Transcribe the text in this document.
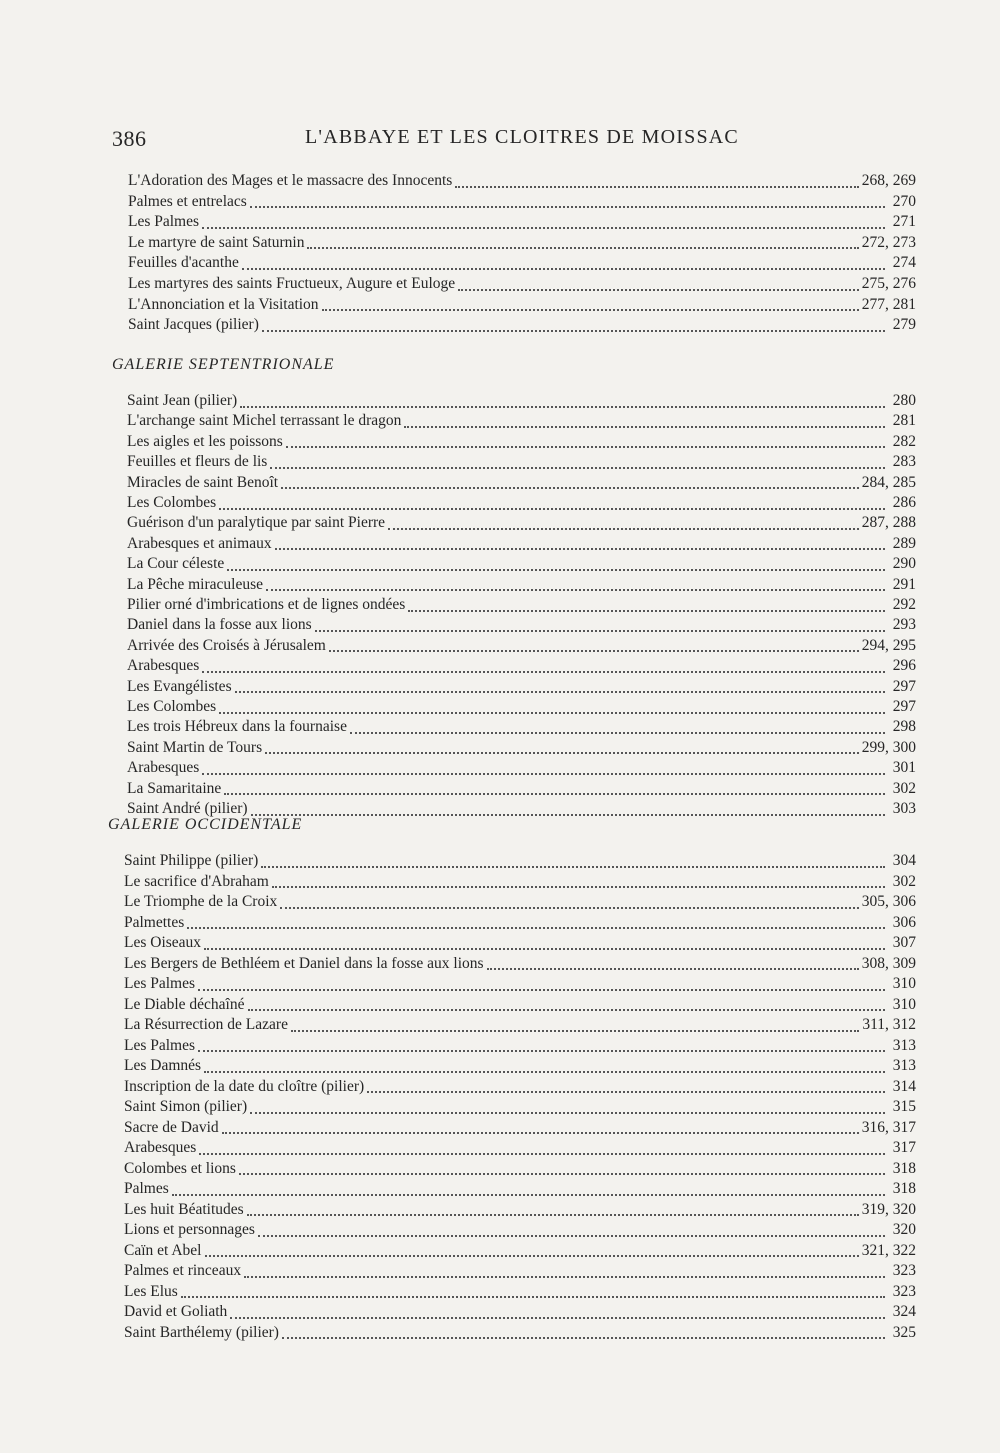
386	L'ABBAYE ET LES CLOITRES DE MOISSAC
L'Adoration des Mages et le massacre des Innocents	268, 269
Palmes et entrelacs	270
Les Palmes	271
Le martyre de saint Saturnin	272, 273
Feuilles d'acanthe	274
Les martyres des saints Fructueux, Augure et Euloge	275, 276
L'Annonciation et la Visitation	277, 281
Saint Jacques (pilier)	279
GALERIE SEPTENTRIONALE
Saint Jean (pilier)	280
L'archange saint Michel terrassant le dragon	281
Les aigles et les poissons	282
Feuilles et fleurs de lis	283
Miracles de saint Benoît	284, 285
Les Colombes	286
Guérison d'un paralytique par saint Pierre	287, 288
Arabesques et animaux	289
La Cour céleste	290
La Pêche miraculeuse	291
Pilier orné d'imbrications et de lignes ondées	292
Daniel dans la fosse aux lions	293
Arrivée des Croisés à Jérusalem	294, 295
Arabesques	296
Les Evangélistes	297
Les Colombes	297
Les trois Hébreux dans la fournaise	298
Saint Martin de Tours	299, 300
Arabesques	301
La Samaritaine	302
Saint André (pilier)	303
GALERIE OCCIDENTALE
Saint Philippe (pilier)	304
Le sacrifice d'Abraham	302
Le Triomphe de la Croix	305, 306
Palmettes	306
Les Oiseaux	307
Les Bergers de Bethléem et Daniel dans la fosse aux lions	308, 309
Les Palmes	310
Le Diable déchaîné	310
La Résurrection de Lazare	311, 312
Les Palmes	313
Les Damnés	313
Inscription de la date du cloître (pilier)	314
Saint Simon (pilier)	315
Sacre de David	316, 317
Arabesques	317
Colombes et lions	318
Palmes	318
Les huit Béatitudes	319, 320
Lions et personnages	320
Caïn et Abel	321, 322
Palmes et rinceaux	323
Les Elus	323
David et Goliath	324
Saint Barthélemy (pilier)	325
